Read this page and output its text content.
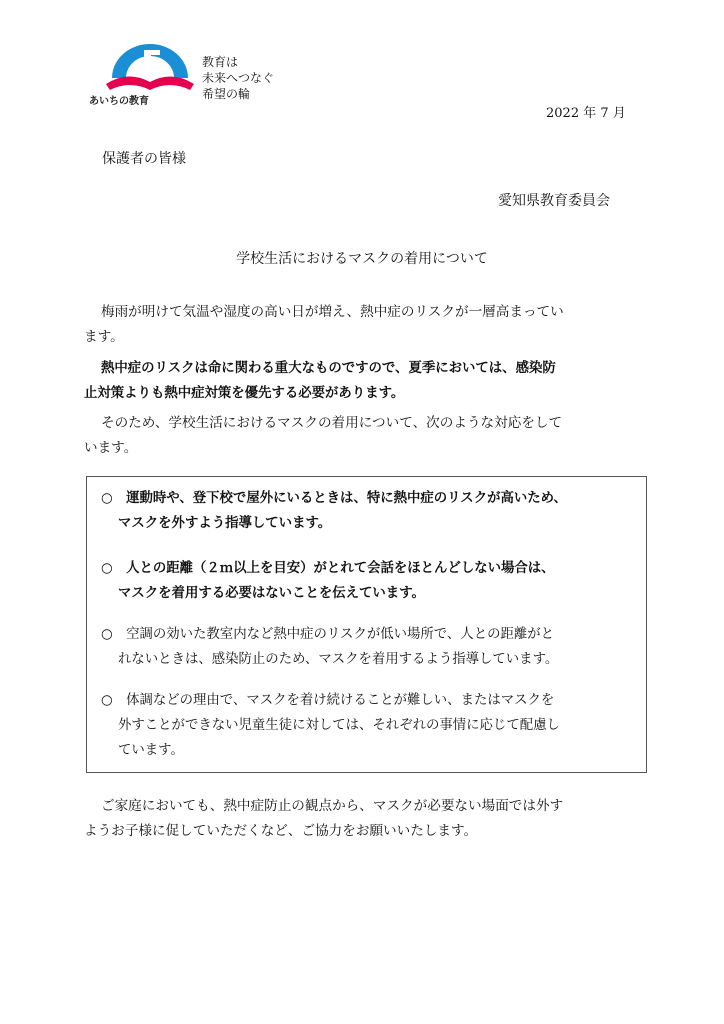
あいちの教育
教育は
未来へつなぐ
希望の輪
2022 年 7 月
保護者の皆様
愛知県教育委員会
学校生活におけるマスクの着用について
梅雨が明けて気温や湿度の高い日が増え、熱中症のリスクが一層高まってい
ます。
熱中症のリスクは命に関わる重大なものですので、夏季においては、感染防
止対策よりも熱中症対策を優先する必要があります。
そのため、学校生活におけるマスクの着用について、次のような対応をして
います。
○　運動時や、登下校で屋外にいるときは、特に熱中症のリスクが高いため、
マスクを外すよう指導しています。
○　人との距離（２ｍ以上を目安）がとれて会話をほとんどしない場合は、
マスクを着用する必要はないことを伝えています。
○　空調の効いた教室内など熱中症のリスクが低い場所で、人との距離がと
れないときは、感染防止のため、マスクを着用するよう指導しています。
○　体調などの理由で、マスクを着け続けることが難しい、またはマスクを
外すことができない児童生徒に対しては、それぞれの事情に応じて配慮し
ています。
ご家庭においても、熱中症防止の観点から、マスクが必要ない場面では外す
ようお子様に促していただくなど、ご協力をお願いいたします。
